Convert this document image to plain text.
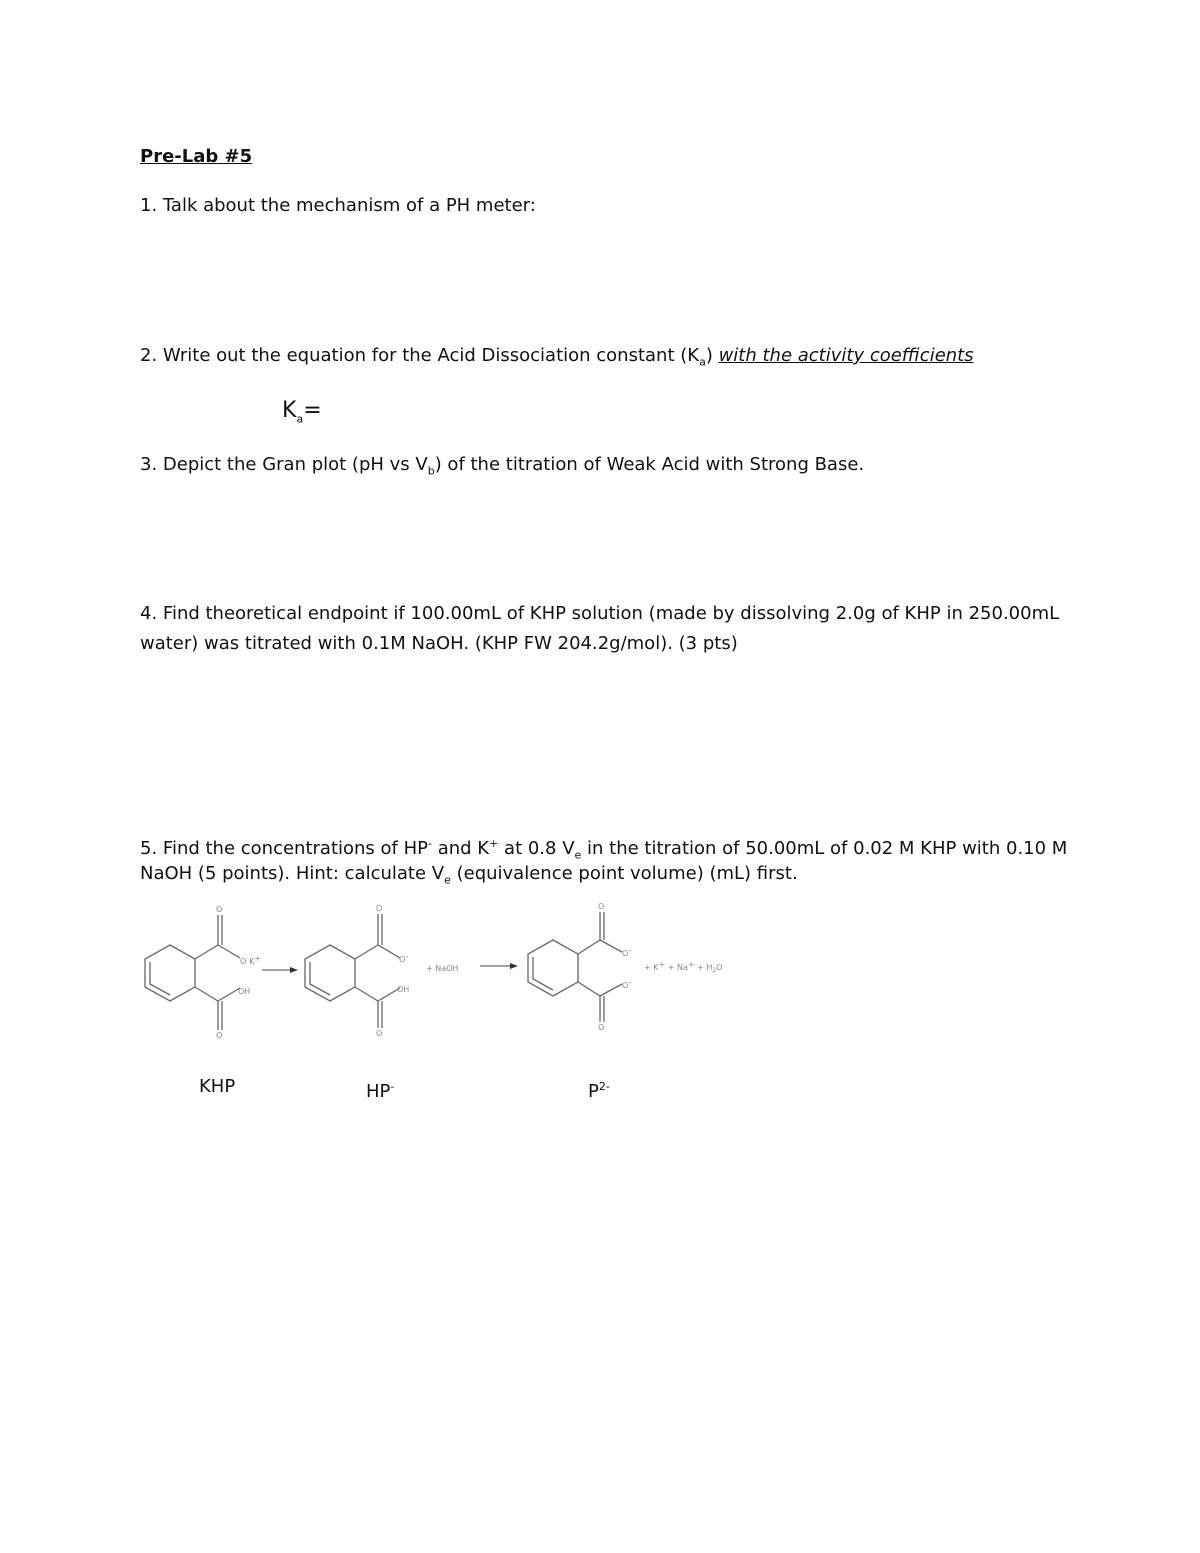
Pre-Lab #5
1. Talk about the mechanism of a PH meter:
2. Write out the equation for the Acid Dissociation constant $(K_a)$ with the activity coefficients
$K_a=$
3. Depict the Gran plot (pH vs $V_b$) of the titration of Weak Acid with Strong Base.
4. Find theoretical endpoint if 100.00mL of KHP solution (made by dissolving 2.0g of KHP in 250.00mL
water) was titrated with 0.1M NaOH. (KHP FW 204.2g/mol). (3 pts)
5. Find the concentrations of HP- and K+ at 0.8 $V_e$ in the titration of 50.00mL of 0.02 M KHP with 0.10 M
NaOH (5 points). Hint: calculate $V_e$ (equivalence point volume) (mL) first.
O
O K+
OH
O
O
O-
OH
O
+ NaOH
O
O-
O-
O
+ $K+ + Na+ + H_2O$
KHP	HP-	$P^{2-}$
